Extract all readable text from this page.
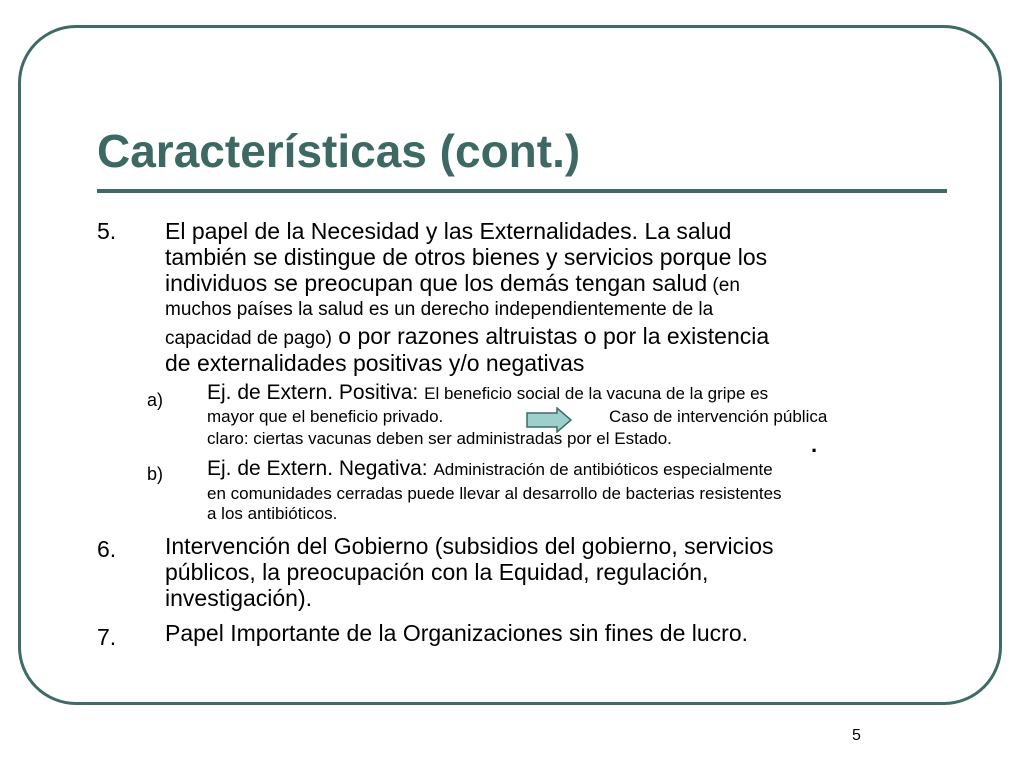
Características (cont.)
5. El papel de la Necesidad y las Externalidades. La salud
también se distingue de otros bienes y servicios porque los
individuos se preocupan que los demás tengan salud (en
muchos países la salud es un derecho independientemente de la
capacidad de pago) o por razones altruistas o por la existencia
de externalidades positivas y/o negativas
a) Ej. de Extern. Positiva: El beneficio social de la vacuna de la gripe es
mayor que el beneficio privado.	Caso de intervención pública
claro: ciertas vacunas deben ser administradas por el Estado.	.
b) Ej. de Extern. Negativa: Administración de antibióticos especialmente
en comunidades cerradas puede llevar al desarrollo de bacterias resistentes
a los antibióticos.
6. Intervención del Gobierno (subsidios del gobierno, servicios
públicos, la preocupación con la Equidad, regulación,
investigación).
7. Papel Importante de la Organizaciones sin fines de lucro.
5
